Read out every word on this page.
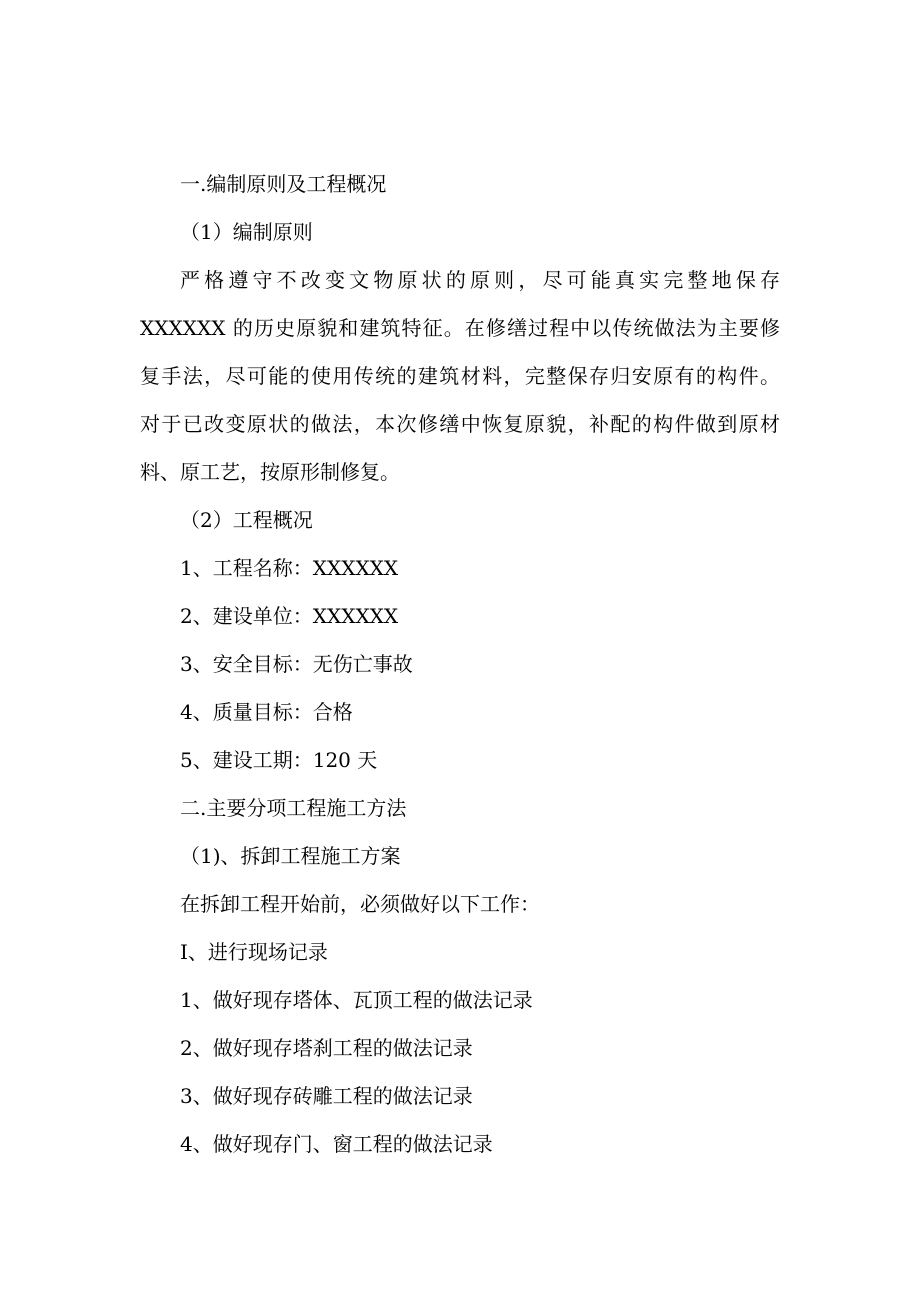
一.编制原则及工程概况
（1）编制原则
严格遵守不改变文物原状的原则，尽可能真实完整地保存
XXXXXX 的历史原貌和建筑特征。在修缮过程中以传统做法为主要修
复手法，尽可能的使用传统的建筑材料，完整保存归安原有的构件。
对于已改变原状的做法，本次修缮中恢复原貌，补配的构件做到原材
料、原工艺，按原形制修复。
（2）工程概况
1、工程名称：XXXXXX
2、建设单位：XXXXXX
3、安全目标：无伤亡事故
4、质量目标：合格
5、建设工期：120 天
二.主要分项工程施工方法
（1)、拆卸工程施工方案
在拆卸工程开始前，必须做好以下工作：
I、进行现场记录
1、做好现存塔体、瓦顶工程的做法记录
2、做好现存塔刹工程的做法记录
3、做好现存砖雕工程的做法记录
4、做好现存门、窗工程的做法记录
